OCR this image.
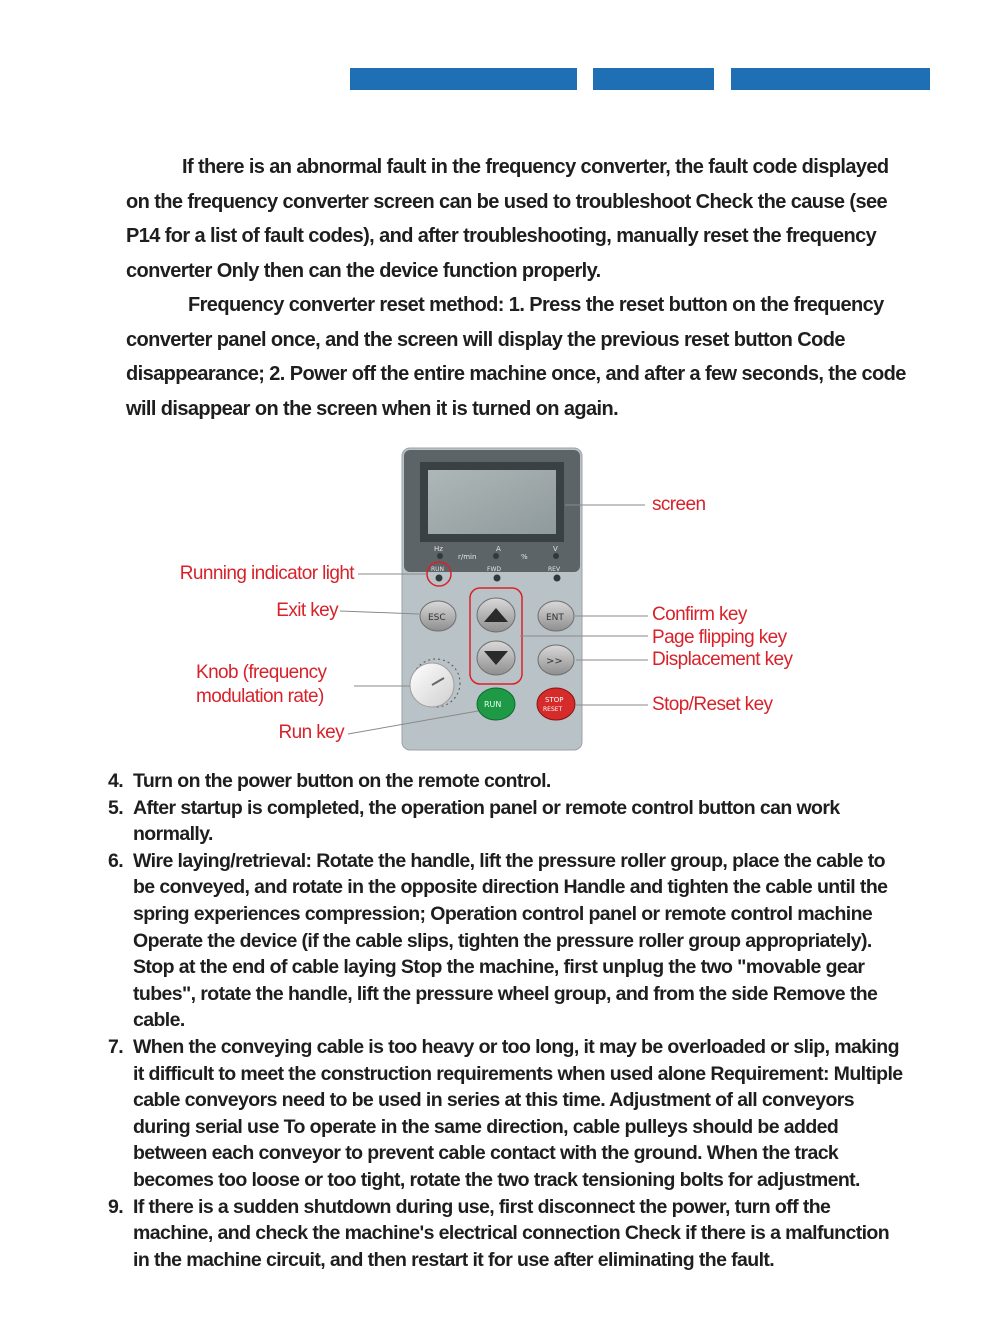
If there is an abnormal fault in the frequency converter, the fault code displayed on the frequency converter screen can be used to troubleshoot Check the cause (see P14 for a list of fault codes), and after troubleshooting, manually reset the frequency converter Only then can the device function properly.

Frequency converter reset method: 1. Press the reset button on the frequency converter panel once, and the screen will display the previous reset button Code disappearance; 2. Power off the entire machine once, and after a few seconds, the code will disappear on the screen when it is turned on again.

Hz
r/min
A
%
V
RUN	FWD	REV
ESC	ENT
>>
RUN	STOP
RESET
screen
Running indicator light
Exit key
Knob (frequency modulation rate)
Run key
Confirm key
Page flipping key
Displacement key
Stop/Reset key
4. Turn on the power button on the remote control.
5. After startup is completed, the operation panel or remote control button can work normally.
6. Wire laying/retrieval: Rotate the handle, lift the pressure roller group, place the cable to be conveyed, and rotate in the opposite direction Handle and tighten the cable until the spring experiences compression; Operation control panel or remote control machine Operate the device (if the cable slips, tighten the pressure roller group appropriately). Stop at the end of cable laying Stop the machine, first unplug the two "movable gear tubes", rotate the handle, lift the pressure wheel group, and from the side Remove the cable.
7. When the conveying cable is too heavy or too long, it may be overloaded or slip, making it difficult to meet the construction requirements when used alone Requirement: Multiple cable conveyors need to be used in series at this time. Adjustment of all conveyors during serial use To operate in the same direction, cable pulleys should be added between each conveyor to prevent cable contact with the ground. When the track becomes too loose or too tight, rotate the two track tensioning bolts for adjustment.
9. If there is a sudden shutdown during use, first disconnect the power, turn off the machine, and check the machine's electrical connection Check if there is a malfunction in the machine circuit, and then restart it for use after eliminating the fault.
